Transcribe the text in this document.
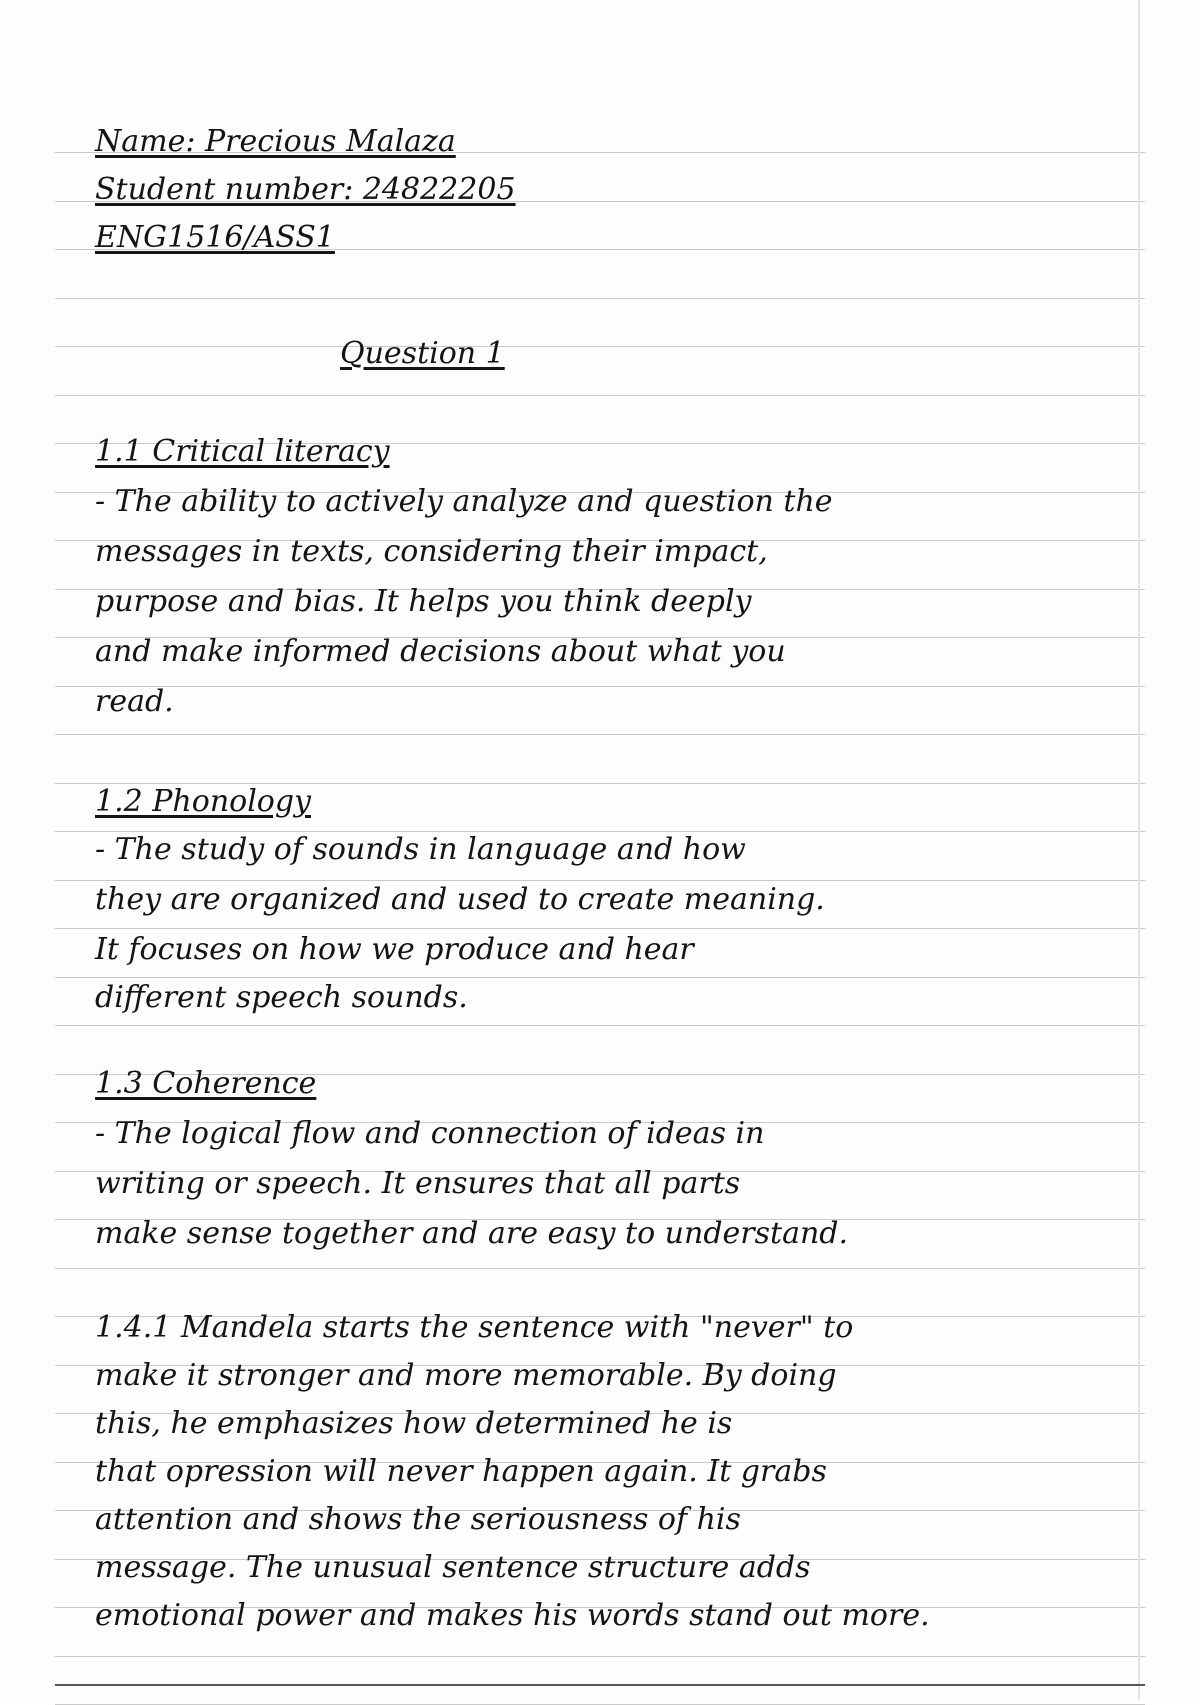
Name: Precious Malaza
Student number: 24822205
ENG1516/ASS1
Question 1
1.1 Critical literacy
- The ability to actively analyze and question the
messages in texts, considering their impact,
purpose and bias. It helps you think deeply
and make informed decisions about what you
read.
1.2 Phonology
- The study of sounds in language and how
they are organized and used to create meaning.
It focuses on how we produce and hear
different speech sounds.
1.3 Coherence
- The logical flow and connection of ideas in
writing or speech. It ensures that all parts
make sense together and are easy to understand.
1.4.1 Mandela starts the sentence with "never" to
make it stronger and more memorable. By doing
this, he emphasizes how determined he is
that opression will never happen again. It grabs
attention and shows the seriousness of his
message. The unusual sentence structure adds
emotional power and makes his words stand out more.
